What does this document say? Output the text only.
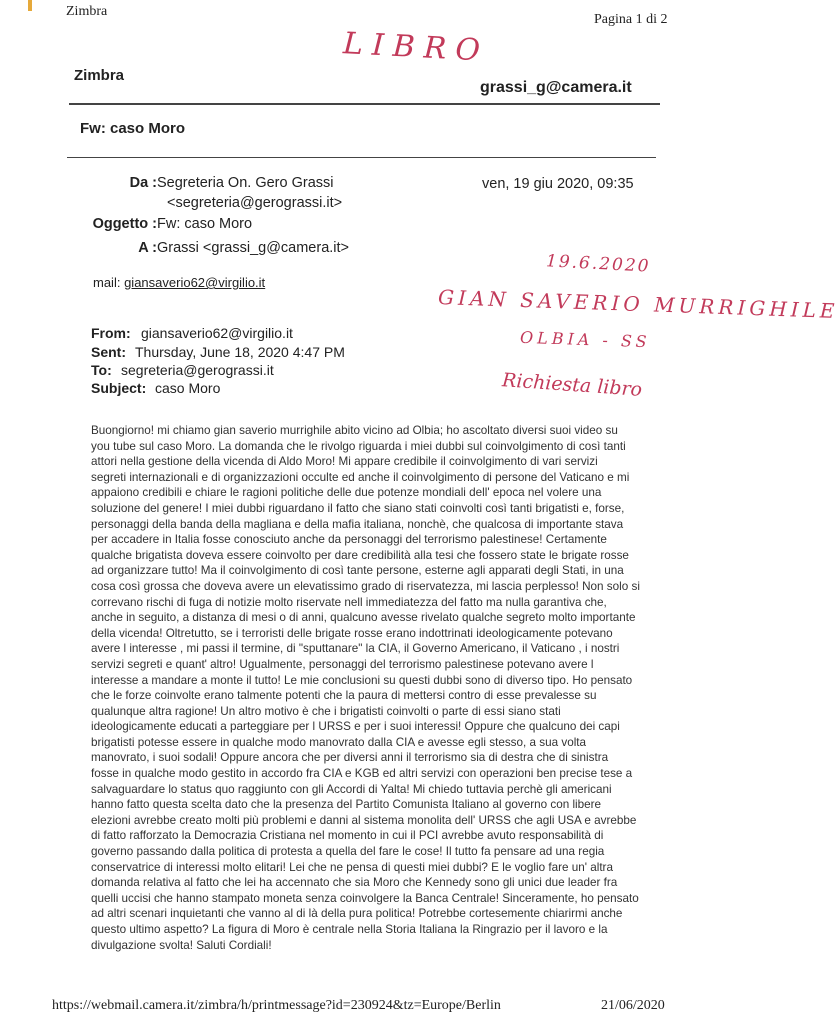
Zimbra
Pagina 1 di 2
LIBRO
19.6.2020
GIAN SAVERIO MURRIGHILE
OLBIA - SS
Richiesta libro
Zimbra
grassi_g@camera.it
Fw: caso Moro
Da : Segreteria On. Gero Grassi
<segreteria@gerograssi.it>
ven, 19 giu 2020, 09:35
Oggetto : Fw: caso Moro
A : Grassi <grassi_g@camera.it>
mail: giansaverio62@virgilio.it
From: giansaverio62@virgilio.it
Sent: Thursday, June 18, 2020 4:47 PM
To: segreteria@gerograssi.it
Subject: caso Moro
Buongiorno! mi chiamo gian saverio murrighile abito vicino ad Olbia; ho ascoltato diversi suoi video su
you tube sul caso Moro. La domanda che le rivolgo riguarda i miei dubbi sul coinvolgimento di così tanti
attori nella gestione della vicenda di Aldo Moro! Mi appare credibile il coinvolgimento di vari servizi
segreti internazionali e di organizzazioni occulte ed anche il coinvolgimento di persone del Vaticano e mi
appaiono credibili e chiare le ragioni politiche delle due potenze mondiali dell' epoca nel volere una
soluzione del genere! I miei dubbi riguardano il fatto che siano stati coinvolti così tanti brigatisti e, forse,
personaggi della banda della magliana e della mafia italiana, nonchè, che qualcosa di importante stava
per accadere in Italia fosse conosciuto anche da personaggi del terrorismo palestinese! Certamente
qualche brigatista doveva essere coinvolto per dare credibilità alla tesi che fossero state le brigate rosse
ad organizzare tutto! Ma il coinvolgimento di così tante persone, esterne agli apparati degli Stati, in una
cosa così grossa che doveva avere un elevatissimo grado di riservatezza, mi lascia perplesso! Non solo si
correvano rischi di fuga di notizie molto riservate nell immediatezza del fatto ma nulla garantiva che,
anche in seguito, a distanza di mesi o di anni, qualcuno avesse rivelato qualche segreto molto importante
della vicenda! Oltretutto, se i terroristi delle brigate rosse erano indottrinati ideologicamente potevano
avere l interesse , mi passi il termine, di "sputtanare" la CIA, il Governo Americano, il Vaticano , i nostri
servizi segreti e quant' altro! Ugualmente, personaggi del terrorismo palestinese potevano avere l
interesse a mandare a monte il tutto! Le mie conclusioni su questi dubbi sono di diverso tipo. Ho pensato
che le forze coinvolte erano talmente potenti che la paura di mettersi contro di esse prevalesse su
qualunque altra ragione! Un altro motivo è che i brigatisti coinvolti o parte di essi siano stati
ideologicamente educati a parteggiare per l URSS e per i suoi interessi! Oppure che qualcuno dei capi
brigatisti potesse essere in qualche modo manovrato dalla CIA e avesse egli stesso, a sua volta
manovrato, i suoi sodali! Oppure ancora che per diversi anni il terrorismo sia di destra che di sinistra
fosse in qualche modo gestito in accordo fra CIA e KGB ed altri servizi con operazioni ben precise tese a
salvaguardare lo status quo raggiunto con gli Accordi di Yalta! Mi chiedo tuttavia perchè gli americani
hanno fatto questa scelta dato che la presenza del Partito Comunista Italiano al governo con libere
elezioni avrebbe creato molti più problemi e danni al sistema monolita dell' URSS che agli USA e avrebbe
di fatto rafforzato la Democrazia Cristiana nel momento in cui il PCI avrebbe avuto responsabilità di
governo passando dalla politica di protesta a quella del fare le cose! Il tutto fa pensare ad una regia
conservatrice di interessi molto elitari! Lei che ne pensa di questi miei dubbi? E le voglio fare un' altra
domanda relativa al fatto che lei ha accennato che sia Moro che Kennedy sono gli unici due leader fra
quelli uccisi che hanno stampato moneta senza coinvolgere la Banca Centrale! Sinceramente, ho pensato
ad altri scenari inquietanti che vanno al di là della pura politica! Potrebbe cortesemente chiarirmi anche
questo ultimo aspetto? La figura di Moro è centrale nella Storia Italiana la Ringrazio per il lavoro e la
divulgazione svolta! Saluti Cordiali!
https://webmail.camera.it/zimbra/h/printmessage?id=230924&tz=Europe/Berlin	21/06/2020
